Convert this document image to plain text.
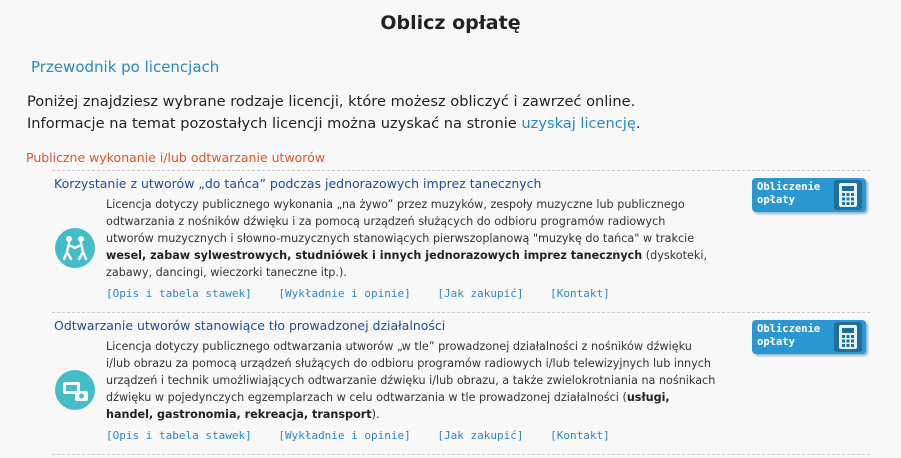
Oblicz opłatę
Przewodnik po licencjach
Poniżej znajdziesz wybrane rodzaje licencji, które możesz obliczyć i zawrzeć online.
Informacje na temat pozostałych licencji można uzyskać na stronie uzyskaj licencję.
Publiczne wykonanie i/lub odtwarzanie utworów
Korzystanie z utworów „do tańca” podczas jednorazowych imprez tanecznych
Licencja dotyczy publicznego wykonania „na żywo” przez muzyków, zespoły muzyczne lub publicznego odtwarzania z nośników dźwięku i za pomocą urządzeń służących do odbioru programów radiowych utworów muzycznych i słowno-muzycznych stanowiących pierwszoplanową "muzykę do tańca" w trakcie wesel, zabaw sylwestrowych, studniówek i innych jednorazowych imprez tanecznych (dyskoteki, zabawy, dancingi, wieczorki taneczne itp.).
[Opis i tabela stawek] [Wykładnie i opinie] [Jak zakupić] [Kontakt]
Obliczenie opłaty
Odtwarzanie utworów stanowiące tło prowadzonej działalności
Licencja dotyczy publicznego odtwarzania utworów „w tle” prowadzonej działalności z nośników dźwięku i/lub obrazu za pomocą urządzeń służących do odbioru programów radiowych i/lub telewizyjnych lub innych urządzeń i technik umożliwiających odtwarzanie dźwięku i/lub obrazu, a także zwielokrotniania na nośnikach dźwięku w pojedynczych egzemplarzach w celu odtwarzania w tle prowadzonej działalności (usługi, handel, gastronomia, rekreacja, transport).
[Opis i tabela stawek] [Wykładnie i opinie] [Jak zakupić] [Kontakt]
Obliczenie opłaty
